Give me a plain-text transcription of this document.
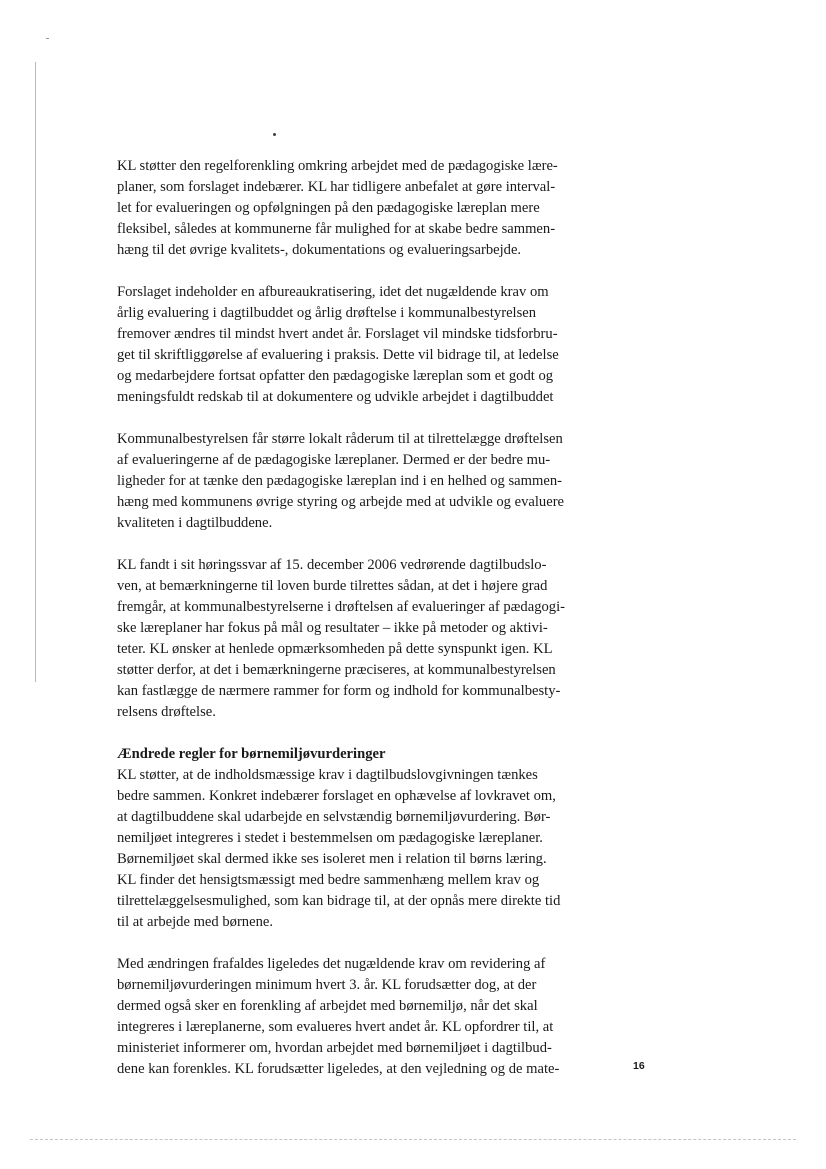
KL støtter den regelforenkling omkring arbejdet med de pædagogiske lære-
planer, som forslaget indebærer. KL har tidligere anbefalet at gøre interval-
let for evalueringen og opfølgningen på den pædagogiske læreplan mere
fleksibel, således at kommunerne får mulighed for at skabe bedre sammen-
hæng til det øvrige kvalitets-, dokumentations og evalueringsarbejde.

Forslaget indeholder en afbureaukratisering, idet det nugældende krav om
årlig evaluering i dagtilbuddet og årlig drøftelse i kommunalbestyrelsen
fremover ændres til mindst hvert andet år. Forslaget vil mindske tidsforbru-
get til skriftliggørelse af evaluering i praksis. Dette vil bidrage til, at ledelse
og medarbejdere fortsat opfatter den pædagogiske læreplan som et godt og
meningsfuldt redskab til at dokumentere og udvikle arbejdet i dagtilbuddet

Kommunalbestyrelsen får større lokalt råderum til at tilrettelægge drøftelsen
af evalueringerne af de pædagogiske læreplaner. Dermed er der bedre mu-
ligheder for at tænke den pædagogiske læreplan ind i en helhed og sammen-
hæng med kommunens øvrige styring og arbejde med at udvikle og evaluere
kvaliteten i dagtilbuddene.

KL fandt i sit høringssvar af 15. december 2006 vedrørende dagtilbudslo-
ven, at bemærkningerne til loven burde tilrettes sådan, at det i højere grad
fremgår, at kommunalbestyrelserne i drøftelsen af evalueringer af pædagogi-
ske læreplaner har fokus på mål og resultater – ikke på metoder og aktivi-
teter. KL ønsker at henlede opmærksomheden på dette synspunkt igen. KL
støtter derfor, at det i bemærkningerne præciseres, at kommunalbestyrelsen
kan fastlægge de nærmere rammer for form og indhold for kommunalbesty-
relsens drøftelse.

Ændrede regler for børnemiljøvurderinger
KL støtter, at de indholdsmæssige krav i dagtilbudslovgivningen tænkes
bedre sammen. Konkret indebærer forslaget en ophævelse af lovkravet om,
at dagtilbuddene skal udarbejde en selvstændig børnemiljøvurdering. Bør-
nemiljøet integreres i stedet i bestemmelsen om pædagogiske læreplaner.
Børnemiljøet skal dermed ikke ses isoleret men i relation til børns læring.
KL finder det hensigtsmæssigt med bedre sammenhæng mellem krav og
tilrettelæggelsesmulighed, som kan bidrage til, at der opnås mere direkte tid
til at arbejde med børnene.

Med ændringen frafaldes ligeledes det nugældende krav om revidering af
børnemiljøvurderingen minimum hvert 3. år. KL forudsætter dog, at der
dermed også sker en forenkling af arbejdet med børnemiljø, når det skal
integreres i læreplanerne, som evalueres hvert andet år. KL opfordrer til, at
ministeriet informerer om, hvordan arbejdet med børnemiljøet i dagtilbud-
dene kan forenkles. KL forudsætter ligeledes, at den vejledning og de mate-	16
